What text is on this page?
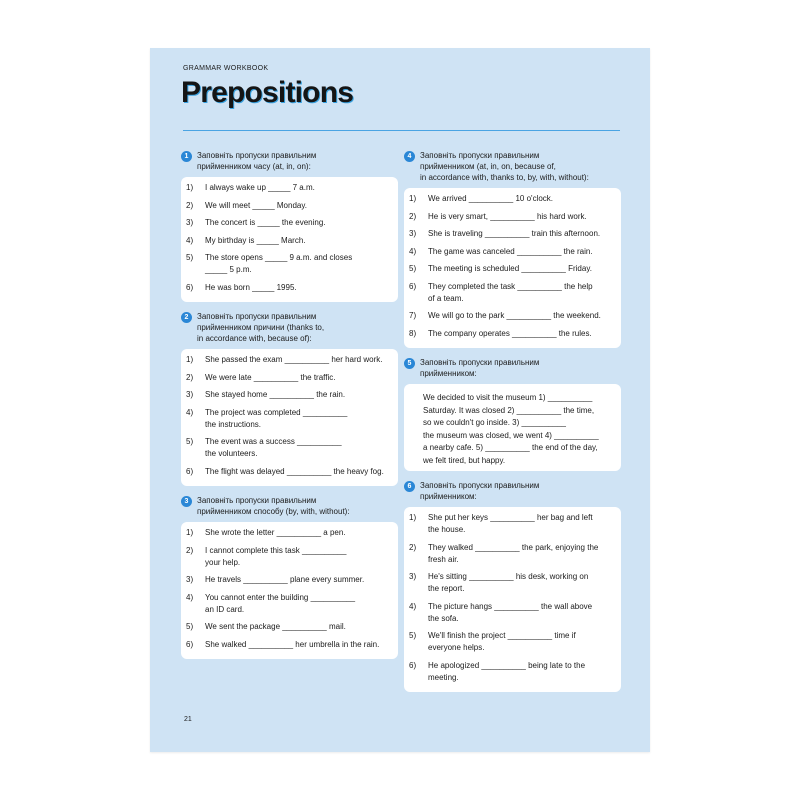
GRAMMAR WORKBOOK
Prepositions
1	Заповніть пропуски правильним
прийменником часу (at, in, on):
1)	I always wake up _____ 7 a.m.
2)	We will meet _____ Monday.
3)	The concert is _____ the evening.
4)	My birthday is _____ March.
5)	The store opens _____ 9 a.m. and closes
_____ 5 p.m.
6)	He was born _____ 1995.
2	Заповніть пропуски правильним
прийменником причини (thanks to,
in accordance with, because of):
1)	She passed the exam __________ her hard work.
2)	We were late __________ the traffic.
3)	She stayed home __________ the rain.
4)	The project was completed __________
the instructions.
5)	The event was a success __________
the volunteers.
6)	The flight was delayed __________ the heavy fog.
3	Заповніть пропуски правильним
прийменником способу (by, with, without):
1)	She wrote the letter __________ a pen.
2)	I cannot complete this task __________
your help.
3)	He travels __________ plane every summer.
4)	You cannot enter the building __________
an ID card.
5)	We sent the package __________ mail.
6)	She walked __________ her umbrella in the rain.
4	Заповніть пропуски правильним
прийменником (at, in, on, because of,
in accordance with, thanks to, by, with, without):
1)	We arrived __________ 10 o'clock.
2)	He is very smart, __________ his hard work.
3)	She is traveling __________ train this afternoon.
4)	The game was canceled __________ the rain.
5)	The meeting is scheduled __________ Friday.
6)	They completed the task __________ the help
of a team.
7)	We will go to the park __________ the weekend.
8)	The company operates __________ the rules.
5	Заповніть пропуски правильним
прийменником:
We decided to visit the museum 1) __________
Saturday. It was closed 2) __________ the time,
so we couldn't go inside. 3) __________
the museum was closed, we went 4) __________
a nearby cafe. 5) __________ the end of the day,
we felt tired, but happy.
6	Заповніть пропуски правильним
прийменником:
1)	She put her keys __________ her bag and left
the house.
2)	They walked __________ the park, enjoying the
fresh air.
3)	He's sitting __________ his desk, working on
the report.
4)	The picture hangs __________ the wall above
the sofa.
5)	We'll finish the project __________ time if
everyone helps.
6)	He apologized __________ being late to the
meeting.
21
